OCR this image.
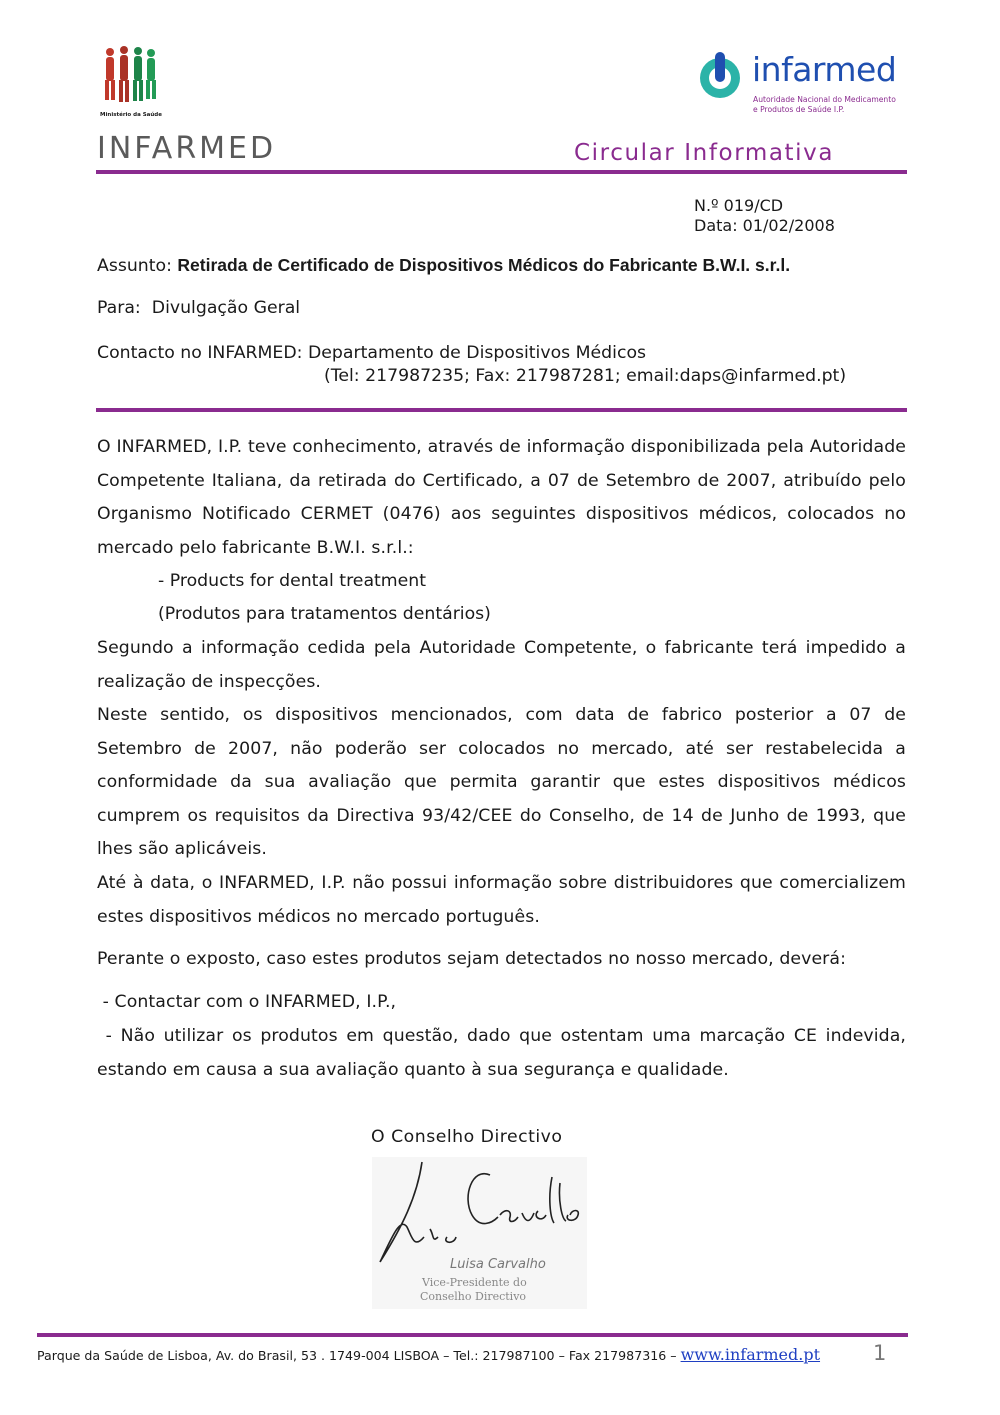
Ministério da Saúde
infarmed
Autoridade Nacional do Medicamento
e Produtos de Saúde I.P.
INFARMED	Circular Informativa
N.º 019/CD
Data: 01/02/2008
Assunto: Retirada de Certificado de Dispositivos Médicos do Fabricante B.W.I. s.r.l.
Para: Divulgação Geral
Contacto no INFARMED: Departamento de Dispositivos Médicos
(Tel: 217987235; Fax: 217987281; email:daps@infarmed.pt)
O INFARMED, I.P. teve conhecimento, através de informação disponibilizada pela Autoridade Competente Italiana, da retirada do Certificado, a 07 de Setembro de 2007, atribuído pelo Organismo Notificado CERMET (0476) aos seguintes dispositivos médicos, colocados no mercado pelo fabricante B.W.I. s.r.l.:
- Products for dental treatment
(Produtos para tratamentos dentários)
Segundo a informação cedida pela Autoridade Competente, o fabricante terá impedido a realização de inspecções.
Neste sentido, os dispositivos mencionados, com data de fabrico posterior a 07 de Setembro de 2007, não poderão ser colocados no mercado, até ser restabelecida a conformidade da sua avaliação que permita garantir que estes dispositivos médicos cumprem os requisitos da Directiva 93/42/CEE do Conselho, de 14 de Junho de 1993, que lhes são aplicáveis.
Até à data, o INFARMED, I.P. não possui informação sobre distribuidores que comercializem estes dispositivos médicos no mercado português.
Perante o exposto, caso estes produtos sejam detectados no nosso mercado, deverá:
- Contactar com o INFARMED, I.P.,
- Não utilizar os produtos em questão, dado que ostentam uma marcação CE indevida, estando em causa a sua avaliação quanto à sua segurança e qualidade.
O Conselho Directivo
Luisa Carvalho
Vice-Presidente do
Conselho Directivo
Parque da Saúde de Lisboa, Av. do Brasil, 53 . 1749-004 LISBOA – Tel.: 217987100 – Fax 217987316 – www.infarmed.pt	1
